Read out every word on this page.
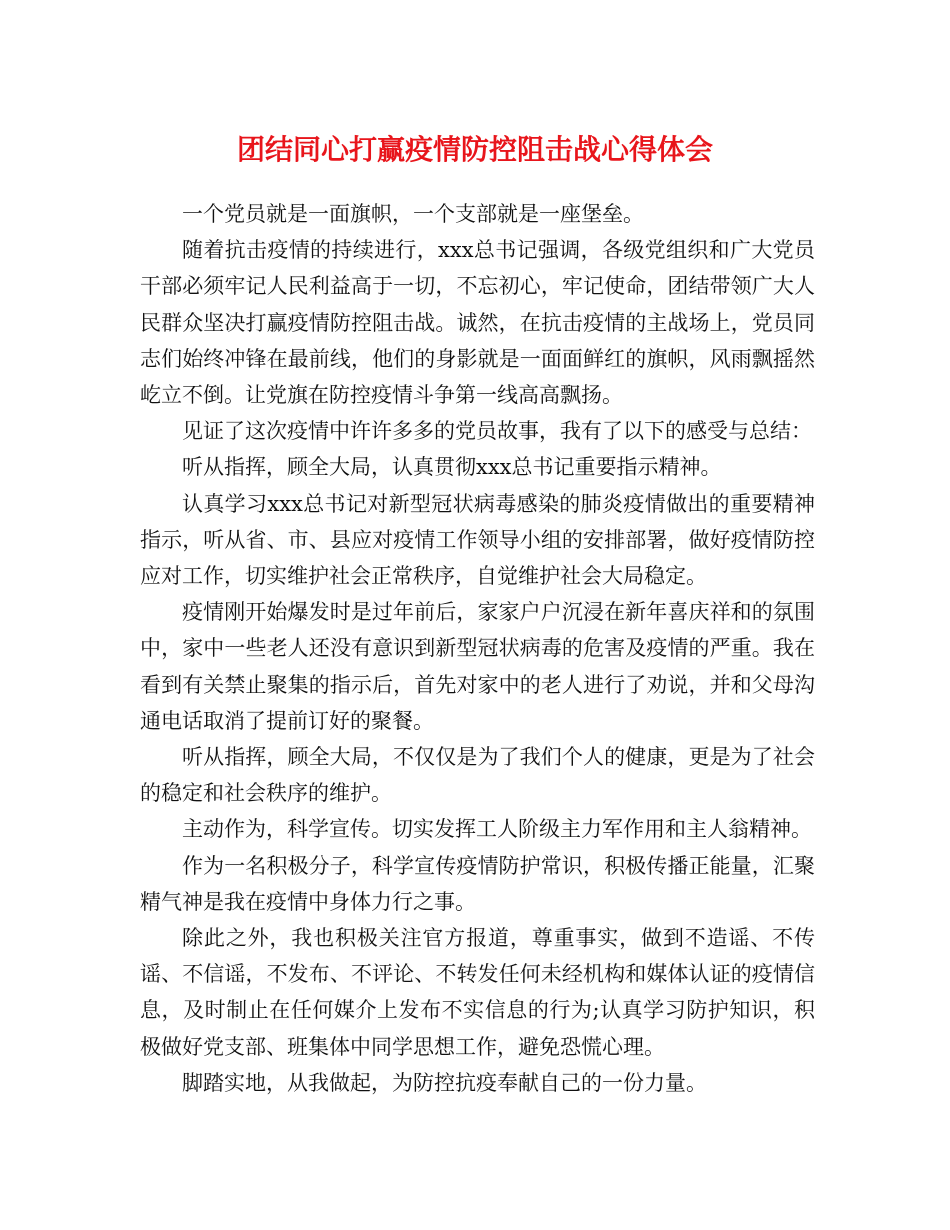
团结同心打赢疫情防控阻击战心得体会

一个党员就是一面旗帜，一个支部就是一座堡垒。

随着抗击疫情的持续进行，xxx总书记强调，各级党组织和广大党员干部必须牢记人民利益高于一切，不忘初心，牢记使命，团结带领广大人民群众坚决打赢疫情防控阻击战。诚然，在抗击疫情的主战场上，党员同志们始终冲锋在最前线，他们的身影就是一面面鲜红的旗帜，风雨飘摇然屹立不倒。让党旗在防控疫情斗争第一线高高飘扬。

见证了这次疫情中许许多多的党员故事，我有了以下的感受与总结：

听从指挥，顾全大局，认真贯彻xxx总书记重要指示精神。

认真学习xxx总书记对新型冠状病毒感染的肺炎疫情做出的重要精神指示，听从省、市、县应对疫情工作领导小组的安排部署，做好疫情防控应对工作，切实维护社会正常秩序，自觉维护社会大局稳定。

疫情刚开始爆发时是过年前后，家家户户沉浸在新年喜庆祥和的氛围中，家中一些老人还没有意识到新型冠状病毒的危害及疫情的严重。我在看到有关禁止聚集的指示后，首先对家中的老人进行了劝说，并和父母沟通电话取消了提前订好的聚餐。

听从指挥，顾全大局，不仅仅是为了我们个人的健康，更是为了社会的稳定和社会秩序的维护。

主动作为，科学宣传。切实发挥工人阶级主力军作用和主人翁精神。

作为一名积极分子，科学宣传疫情防护常识，积极传播正能量，汇聚精气神是我在疫情中身体力行之事。

除此之外，我也积极关注官方报道，尊重事实，做到不造谣、不传谣、不信谣，不发布、不评论、不转发任何未经机构和媒体认证的疫情信息，及时制止在任何媒介上发布不实信息的行为;认真学习防护知识，积极做好党支部、班集体中同学思想工作，避免恐慌心理。

脚踏实地，从我做起，为防控抗疫奉献自己的一份力量。
